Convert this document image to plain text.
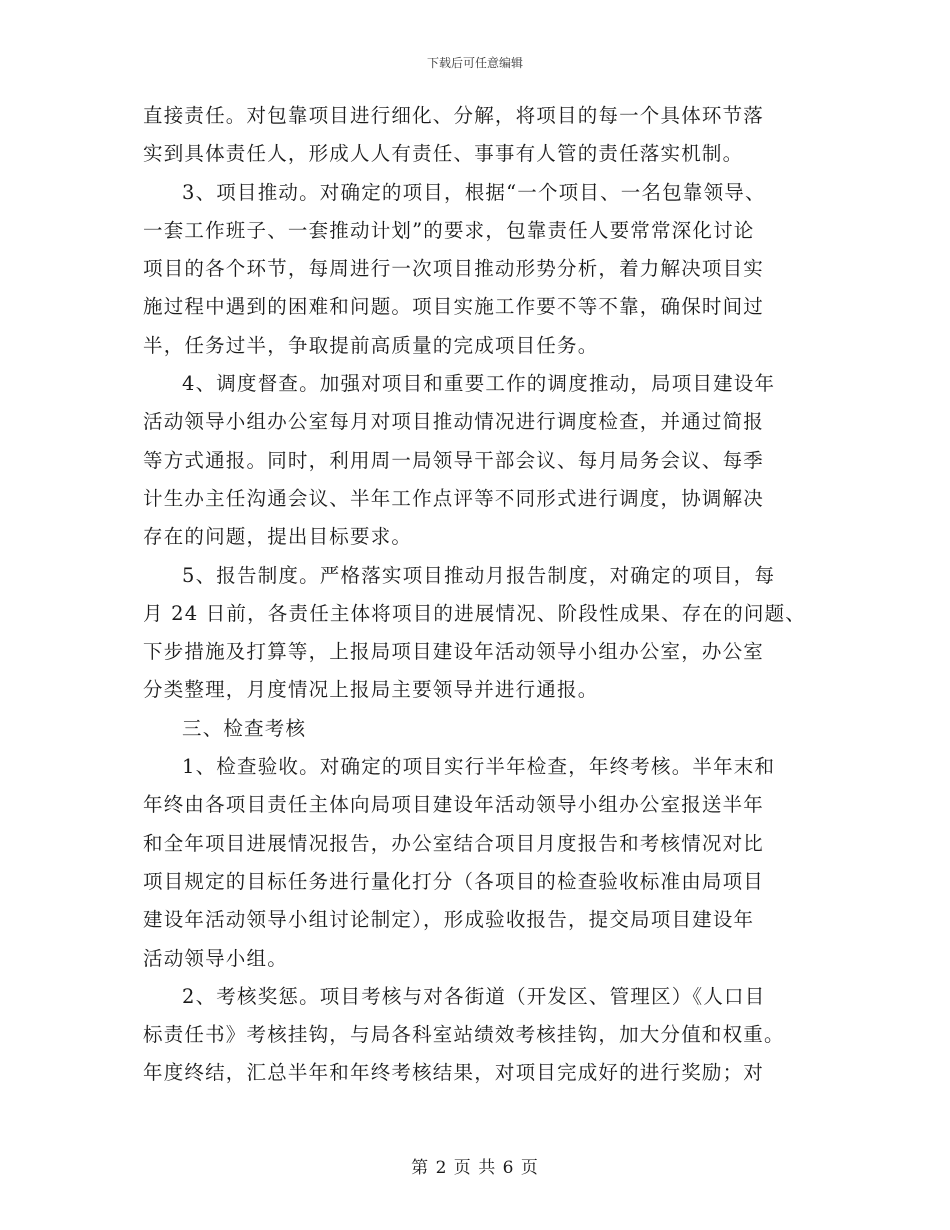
下载后可任意编辑
直接责任。对包靠项目进行细化、分解，将项目的每一个具体环节落
实到具体责任人，形成人人有责任、事事有人管的责任落实机制。
3、项目推动。对确定的项目，根据“一个项目、一名包靠领导、
一套工作班子、一套推动计划”的要求，包靠责任人要常常深化讨论
项目的各个环节，每周进行一次项目推动形势分析，着力解决项目实
施过程中遇到的困难和问题。项目实施工作要不等不靠，确保时间过
半，任务过半，争取提前高质量的完成项目任务。
4、调度督查。加强对项目和重要工作的调度推动，局项目建设年
活动领导小组办公室每月对项目推动情况进行调度检查，并通过简报
等方式通报。同时，利用周一局领导干部会议、每月局务会议、每季
计生办主任沟通会议、半年工作点评等不同形式进行调度，协调解决
存在的问题，提出目标要求。
5、报告制度。严格落实项目推动月报告制度，对确定的项目，每
月 24 日前，各责任主体将项目的进展情况、阶段性成果、存在的问题、
下步措施及打算等，上报局项目建设年活动领导小组办公室，办公室
分类整理，月度情况上报局主要领导并进行通报。
三、检查考核
1、检查验收。对确定的项目实行半年检查，年终考核。半年末和
年终由各项目责任主体向局项目建设年活动领导小组办公室报送半年
和全年项目进展情况报告，办公室结合项目月度报告和考核情况对比
项目规定的目标任务进行量化打分（各项目的检查验收标准由局项目
建设年活动领导小组讨论制定），形成验收报告，提交局项目建设年
活动领导小组。
2、考核奖惩。项目考核与对各街道（开发区、管理区）《人口目
标责任书》考核挂钩，与局各科室站绩效考核挂钩，加大分值和权重。
年度终结，汇总半年和年终考核结果，对项目完成好的进行奖励；对
第 2 页 共 6 页
